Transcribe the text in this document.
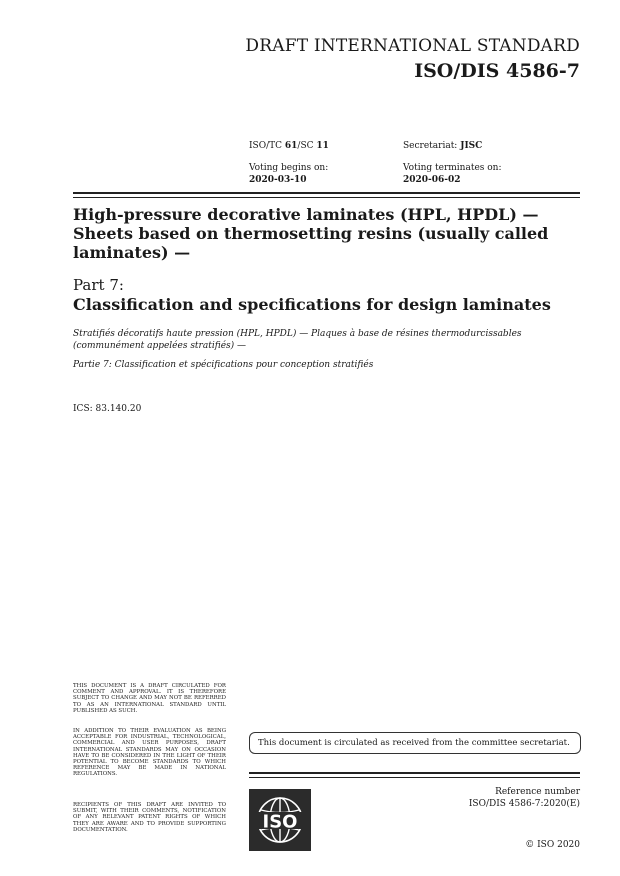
DRAFT INTERNATIONAL STANDARD
ISO/DIS 4586-7
ISO/TC 61/SC 11	Secretariat: JISC
Voting begins on:
2020-03-10
Voting terminates on:
2020-06-02
High-pressure decorative laminates (HPL, HPDL) —
Sheets based on thermosetting resins (usually called
laminates) —
Part 7:
Classification and specifications for design laminates
Stratifiés décoratifs haute pression (HPL, HPDL) — Plaques à base de résines thermodurcissables
(communément appelées stratifiés) —
Partie 7: Classification et spécifications pour conception stratifiés
ICS: 83.140.20
THIS DOCUMENT IS A DRAFT CIRCULATED FOR COMMENT AND APPROVAL. IT IS THEREFORE SUBJECT TO CHANGE AND MAY NOT BE REFERRED TO AS AN INTERNATIONAL STANDARD UNTIL PUBLISHED AS SUCH.
IN ADDITION TO THEIR EVALUATION AS BEING ACCEPTABLE FOR INDUSTRIAL, TECHNOLOGICAL, COMMERCIAL AND USER PURPOSES, DRAFT INTERNATIONAL STANDARDS MAY ON OCCASION HAVE TO BE CONSIDERED IN THE LIGHT OF THEIR POTENTIAL TO BECOME STANDARDS TO WHICH REFERENCE MAY BE MADE IN NATIONAL REGULATIONS.
RECIPIENTS OF THIS DRAFT ARE INVITED TO SUBMIT, WITH THEIR COMMENTS, NOTIFICATION OF ANY RELEVANT PATENT RIGHTS OF WHICH THEY ARE AWARE AND TO PROVIDE SUPPORTING DOCUMENTATION.
This document is circulated as received from the committee secretariat.
ISO
Reference number
ISO/DIS 4586-7:2020(E)
© ISO 2020
